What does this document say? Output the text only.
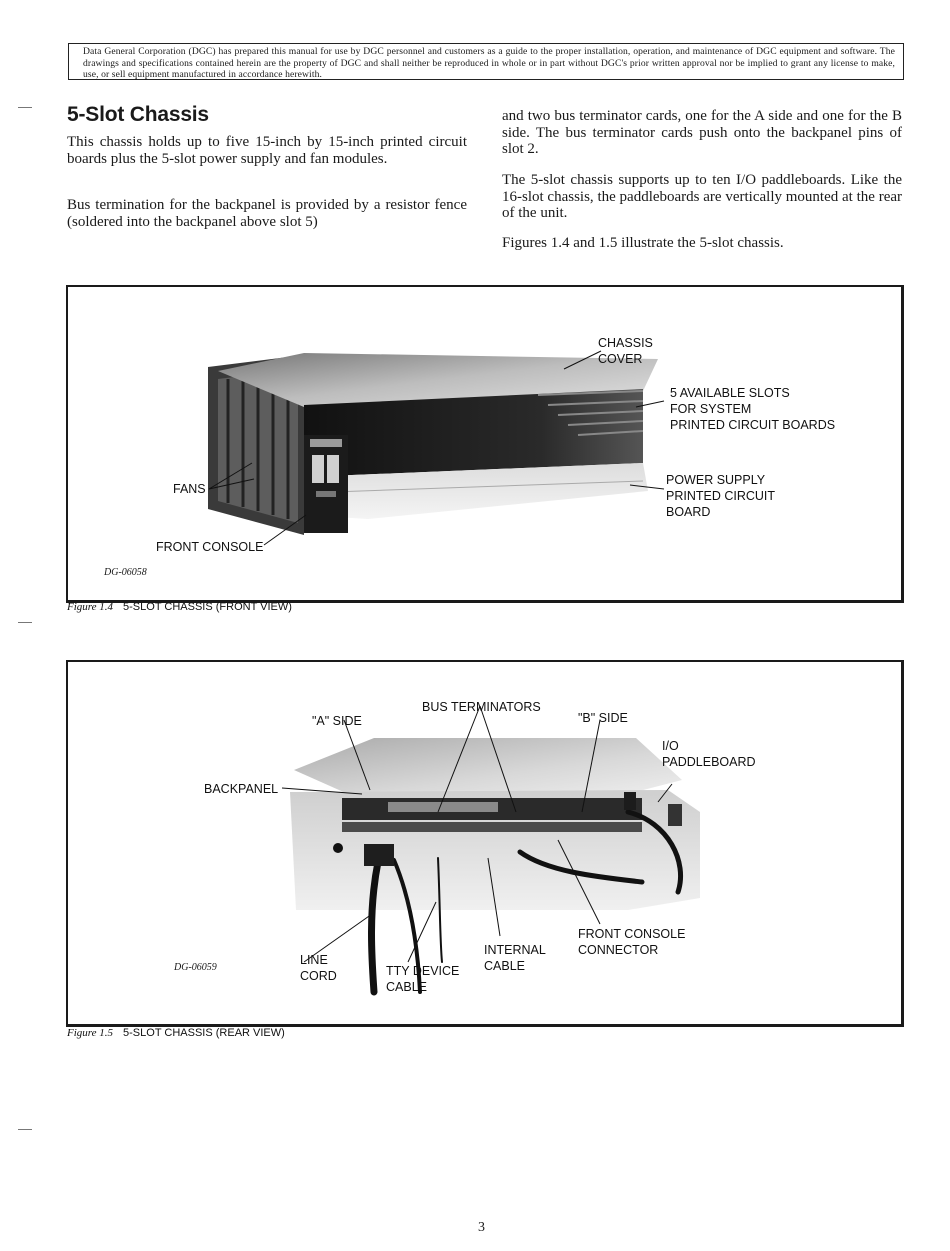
Data General Corporation (DGC) has prepared this manual for use by DGC personnel and customers as a guide to the proper installation, operation, and maintenance of DGC equipment and software. The drawings and specifications contained herein are the property of DGC and shall neither be reproduced in whole or in part without DGC's prior written approval nor be implied to grant any license to make, use, or sell equipment manufactured in accordance herewith.
5-Slot Chassis

This chassis holds up to five 15-inch by 15-inch printed circuit boards plus the 5-slot power supply and fan modules.

Bus termination for the backpanel is provided by a resistor fence (soldered into the backpanel above slot 5)

and two bus terminator cards, one for the A side and one for the B side. The bus terminator cards push onto the backpanel pins of slot 2.

The 5-slot chassis supports up to ten I/O paddleboards. Like the 16-slot chassis, the paddleboards are vertically mounted at the rear of the unit.

Figures 1.4 and 1.5 illustrate the 5-slot chassis.

CHASSIS
COVER
5 AVAILABLE SLOTS
FOR SYSTEM
PRINTED CIRCUIT BOARDS
POWER SUPPLY
PRINTED CIRCUIT
BOARD
FANS
FRONT CONSOLE
DG-06058
Figure 1.4 5-SLOT CHASSIS (FRONT VIEW)
BUS TERMINATORS
"A" SIDE	"B" SIDE
I/O
PADDLEBOARD
BACKPANEL
LINE
CORD	TTY DEVICE
CABLE
INTERNAL
CABLE
FRONT CONSOLE
CONNECTOR
DG-06059
Figure 1.5 5-SLOT CHASSIS (REAR VIEW)
3
